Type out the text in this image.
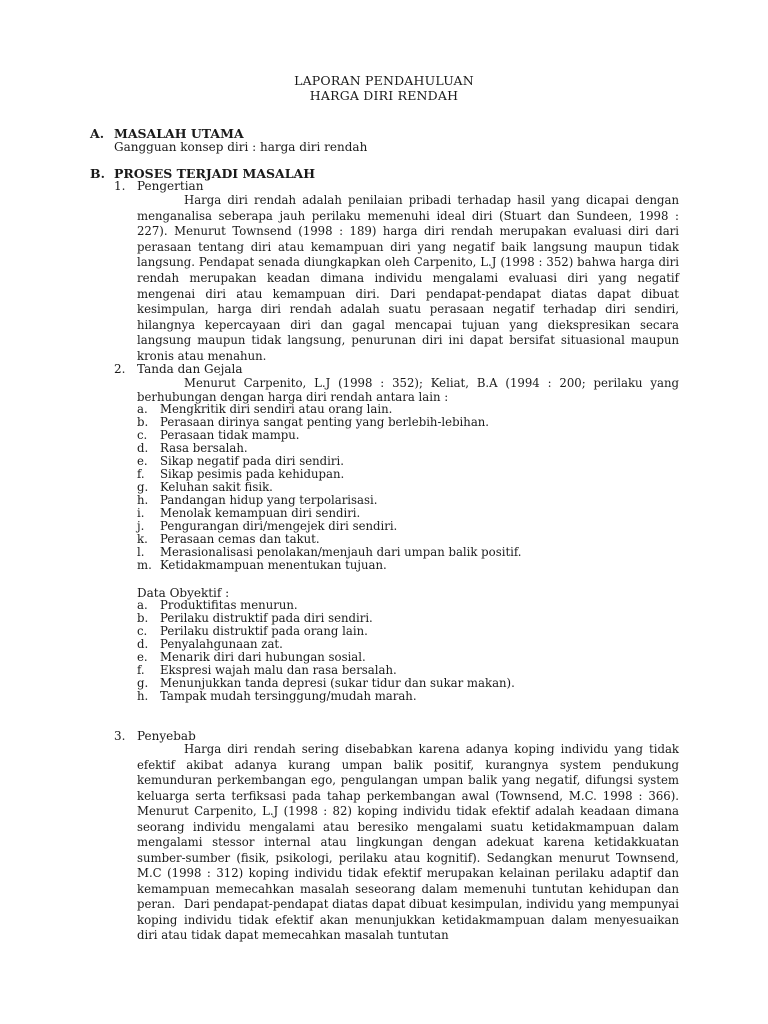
LAPORAN PENDAHULUAN
HARGA DIRI RENDAH
A. MASALAH UTAMA
Gangguan konsep diri : harga diri rendah
B. PROSES TERJADI MASALAH
1. Pengertian

Harga diri rendah adalah penilaian pribadi terhadap hasil yang dicapai dengan menganalisa seberapa jauh perilaku memenuhi ideal diri (Stuart dan Sundeen, 1998 : 227). Menurut Townsend (1998 : 189) harga diri rendah merupakan evaluasi diri dari perasaan tentang diri atau kemampuan diri yang negatif baik langsung maupun tidak langsung. Pendapat senada diungkapkan oleh Carpenito, L.J (1998 : 352) bahwa harga diri rendah merupakan keadan dimana individu mengalami evaluasi diri yang negatif mengenai diri atau kemampuan diri. Dari pendapat-pendapat diatas dapat dibuat kesimpulan, harga diri rendah adalah suatu perasaan negatif terhadap diri sendiri, hilangnya kepercayaan diri dan gagal mencapai tujuan yang diekspresikan secara langsung maupun tidak langsung, penurunan diri ini dapat bersifat situasional maupun kronis atau menahun.

2. Tanda dan Gejala

Menurut Carpenito, L.J (1998 : 352); Keliat, B.A (1994 : 200; perilaku yang berhubungan dengan harga diri rendah antara lain :

a. Mengkritik diri sendiri atau orang lain.
b. Perasaan dirinya sangat penting yang berlebih-lebihan.
c. Perasaan tidak mampu.
d. Rasa bersalah.
e. Sikap negatif pada diri sendiri.
f. Sikap pesimis pada kehidupan.
g. Keluhan sakit fisik.
h. Pandangan hidup yang terpolarisasi.
i. Menolak kemampuan diri sendiri.
j. Pengurangan diri/mengejek diri sendiri.
k. Perasaan cemas dan takut.
l. Merasionalisasi penolakan/menjauh dari umpan balik positif.
m. Ketidakmampuan menentukan tujuan.
Data Obyektif :
a. Produktifitas menurun.
b. Perilaku distruktif pada diri sendiri.
c. Perilaku distruktif pada orang lain.
d. Penyalahgunaan zat.
e. Menarik diri dari hubungan sosial.
f. Ekspresi wajah malu dan rasa bersalah.
g. Menunjukkan tanda depresi (sukar tidur dan sukar makan).
h. Tampak mudah tersinggung/mudah marah.
3. Penyebab

Harga diri rendah sering disebabkan karena adanya koping individu yang tidak efektif akibat adanya kurang umpan balik positif, kurangnya system pendukung kemunduran perkembangan ego, pengulangan umpan balik yang negatif, difungsi system keluarga serta terfiksasi pada tahap perkembangan awal (Townsend, M.C. 1998 : 366). Menurut Carpenito, L.J (1998 : 82) koping individu tidak efektif adalah keadaan dimana seorang individu mengalami atau beresiko mengalami suatu ketidakmampuan dalam mengalami stessor internal atau lingkungan dengan adekuat karena ketidakkuatan sumber-sumber (fisik, psikologi, perilaku atau kognitif). Sedangkan menurut Townsend, M.C (1998 : 312) koping individu tidak efektif merupakan kelainan perilaku adaptif dan kemampuan memecahkan masalah seseorang dalam memenuhi tuntutan kehidupan dan peran. Dari pendapat-pendapat diatas dapat dibuat kesimpulan, individu yang mempunyai koping individu tidak efektif akan menunjukkan ketidakmampuan dalam menyesuaikan diri atau tidak dapat memecahkan masalah tuntutan
